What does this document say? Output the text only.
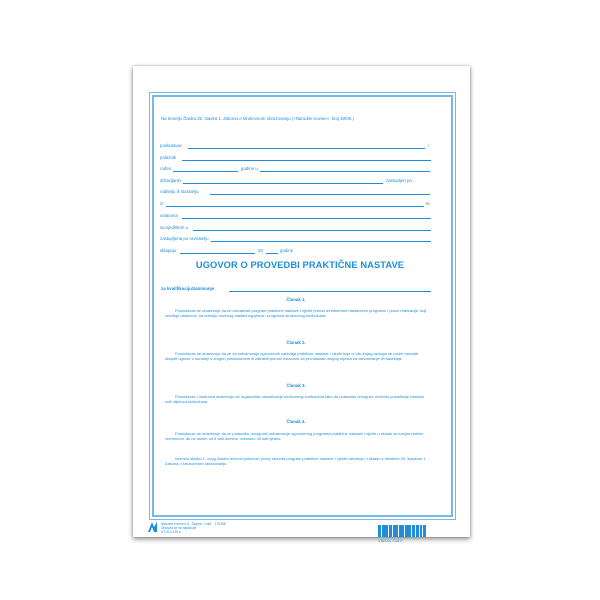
Na temelju članka 25. stavka 1. Zakona o strukovnom obrazovanju (»Narodne novine«, broj 30/09.)
poslodavac	i
polaznik
rođen	godine u
državljanin	zastupljen po
roditelju ili staratelju
iz	te
ustanova
sa sjedištem u
zastupljena po ravnatelju
sklapaju	20	godine
UGOVOR O PROVEDBI PRAKTIČNE NASTAVE
za kvalifikaciju/zanimanje
Članak 1.
Poslodavac se obavezuje da će ostvarivati program praktične nastave i vježbi prema izvedbenom nastavnom programu i planu realizacije, koji utvrđuje ustanova, na temelju okvirnog nastavnog plana i programa strukovnog kurikuluma.
Članak 2.
Poslodavac se obavezuje da će za ostvarivanje ugovorenih sadržaja praktične nastave i vježbi koje iz bilo kojeg razloga ne može ostvariti sklopiti ugovor o suradnji s drugim poslodavcem ili zatražiti pomoć ustanove za pronalazak drugog mjesta za ostvarivanje tih sadržaja.
Članak 3.
Poslodavac i ustanova obavezuju se organizirati ostvarivanje strukovnog kurikuluma tako da polazniku omoguće redovito pohađanje nastave svih dijelova kurikuluma.
Članak 4.
Poslodavac se obavezuje da će polazniku omogućiti ostvarivanje ugovorenog programa praktične nastave i vježbi u skladu sa svojim radnim vremenom, ali ne dužim od 8 sati dnevno, odnosno 40 sati tjedno.
Iznimno stavku 1. ovog članka redovni polaznici prvog razreda program praktične nastave i vježbi ostvaruju u skladu s člankom 29. stavkom 1. Zakona o strukovnom obrazovanju.
Narodne novine d.d., Zagreb - Ured 170468
Obrazac se ne naplaćuje
UT-IS 4-133 p
3 850201 710417
